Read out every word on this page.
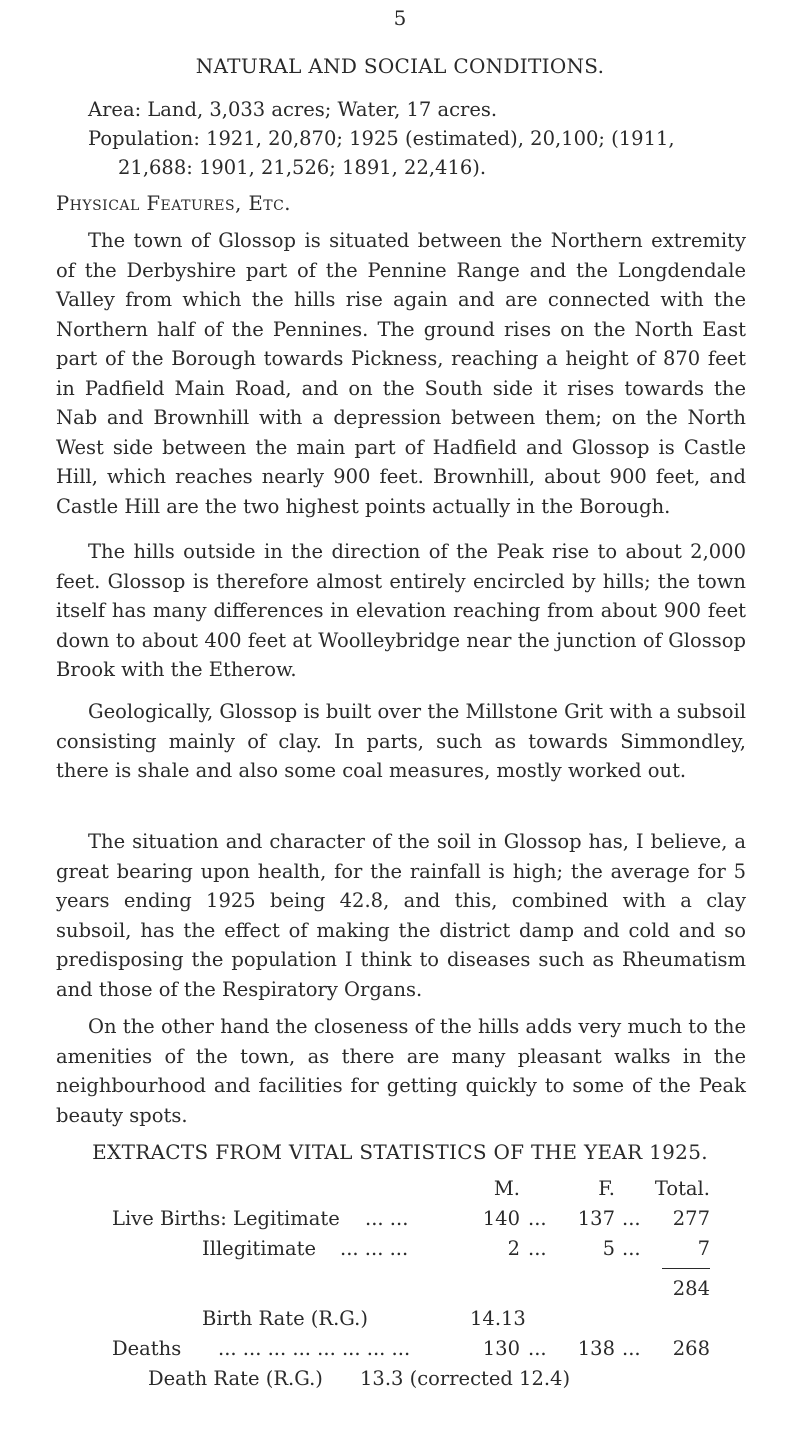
5
NATURAL AND SOCIAL CONDITIONS.
Area: Land, 3,033 acres; Water, 17 acres.
Population: 1921, 20,870; 1925 (estimated), 20,100; (1911,
21,688: 1901, 21,526; 1891, 22,416).
Physical Features, Etc.

The town of Glossop is situated between the Northern extremity of the Derbyshire part of the Pennine Range and the Longdendale Valley from which the hills rise again and are connected with the Northern half of the Pennines. The ground rises on the North East part of the Borough towards Pickness, reaching a height of 870 feet in Padfield Main Road, and on the South side it rises towards the Nab and Brownhill with a depression between them; on the North West side between the main part of Hadfield and Glossop is Castle Hill, which reaches nearly 900 feet. Brownhill, about 900 feet, and Castle Hill are the two highest points actually in the Borough.

The hills outside in the direction of the Peak rise to about 2,000 feet. Glossop is therefore almost entirely encircled by hills; the town itself has many differences in elevation reaching from about 900 feet down to about 400 feet at Woolleybridge near the junction of Glossop Brook with the Etherow.

Geologically, Glossop is built over the Millstone Grit with a subsoil consisting mainly of clay. In parts, such as towards Simmondley, there is shale and also some coal measures, mostly worked out.

The situation and character of the soil in Glossop has, I believe, a great bearing upon health, for the rainfall is high; the average for 5 years ending 1925 being 42.8, and this, combined with a clay subsoil, has the effect of making the district damp and cold and so predisposing the population I think to diseases such as Rheumatism and those of the Respiratory Organs.

On the other hand the closeness of the hills adds very much to the amenities of the town, as there are many pleasant walks in the neighbourhood and facilities for getting quickly to some of the Peak beauty spots.

EXTRACTS FROM VITAL STATISTICS OF THE YEAR 1925.
M.	F.	Total.
Live Births: Legitimate ... ...	140 ...	137 ...	277
Illegitimate ... ... ...	2 ...	5 ...	7
284
Birth Rate (R.G.)	14.13
Deaths ... ... ... ... ... ... ... ...	130 ...	138 ...	268
Death Rate (R.G.) 13.3 (corrected 12.4)
